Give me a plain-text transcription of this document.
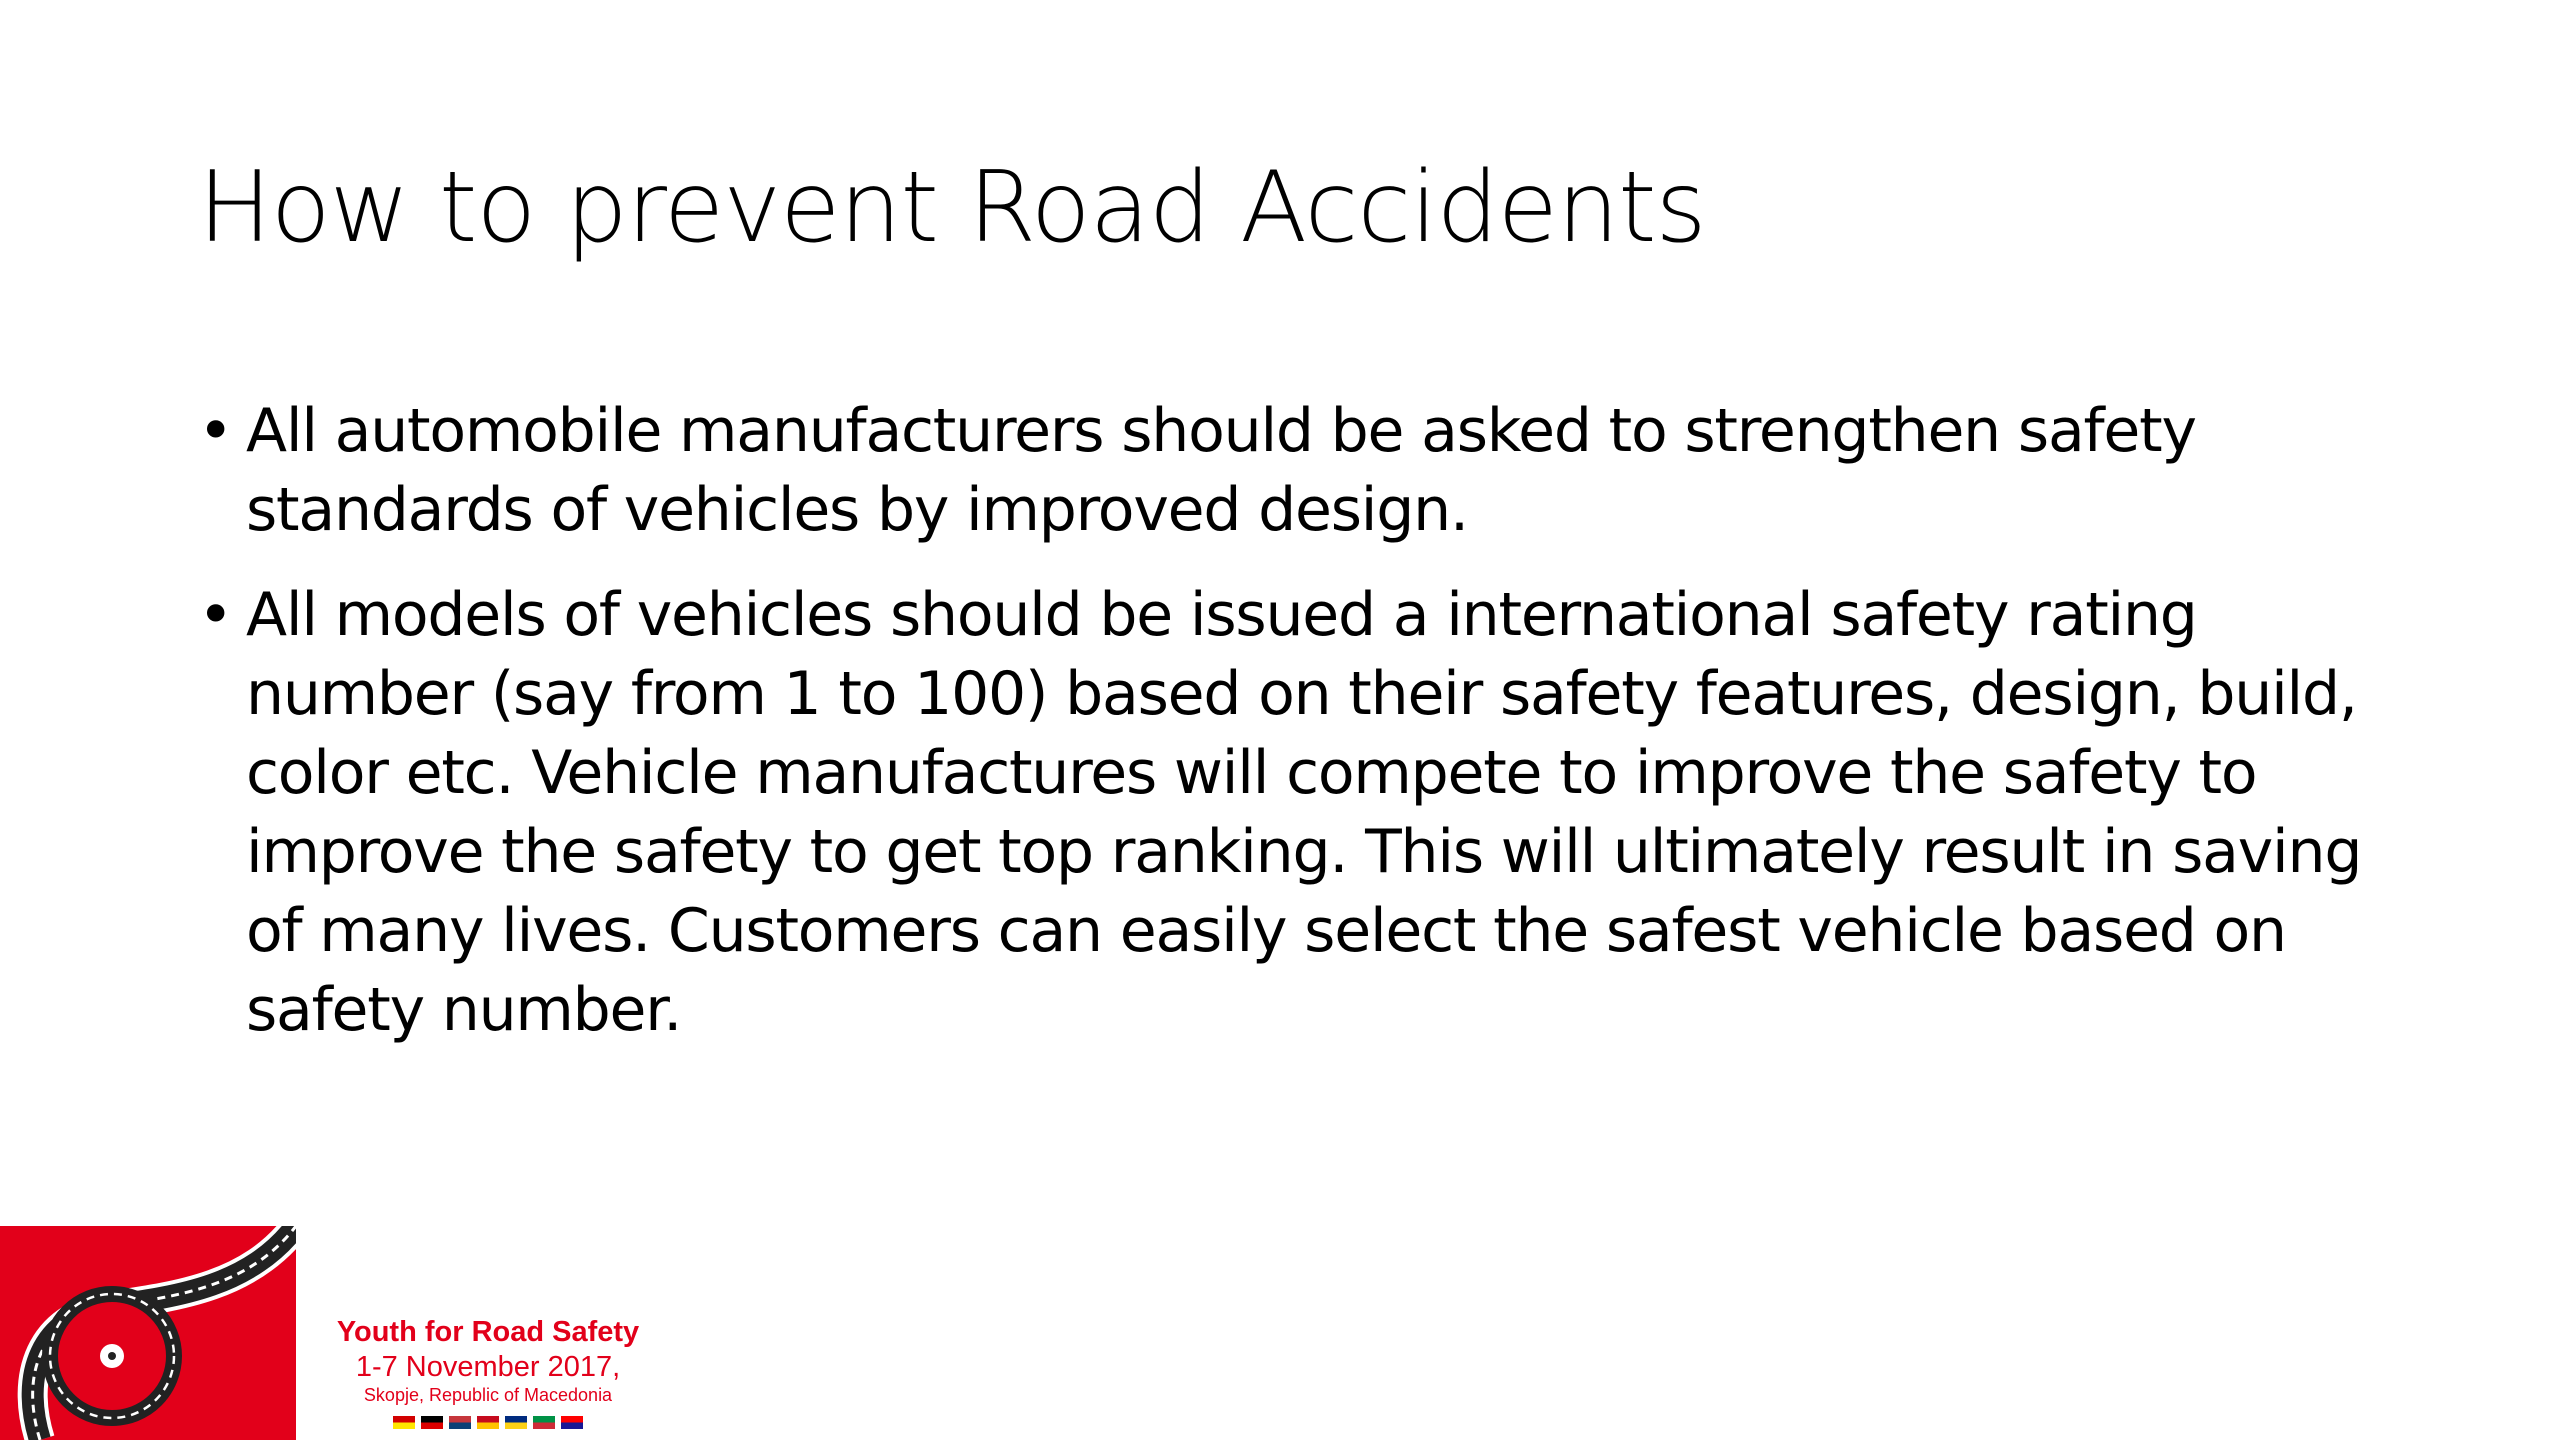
How to prevent Road Accidents
• All automobile manufacturers should be asked to strengthen safety standards of vehicles by improved design.
• All models of vehicles should be issued a international safety rating number (say from 1 to 100) based on their safety features, design, build, color etc. Vehicle manufactures will compete to improve the safety to improve the safety to get top ranking. This will ultimately result in saving of many lives. Customers can easily select the safest vehicle based on safety number.
Youth for Road Safety
1-7 November 2017,
Skopje, Republic of Macedonia
